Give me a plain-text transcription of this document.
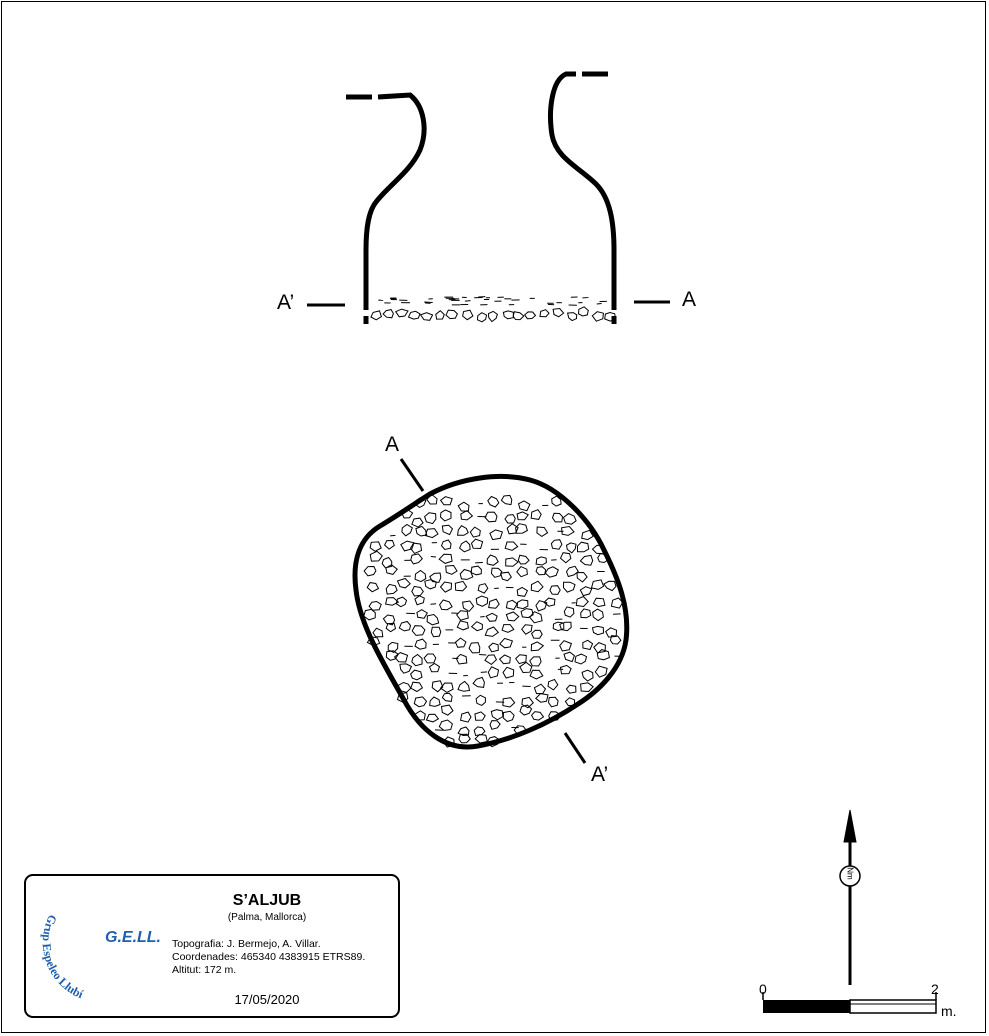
A’	A
A
A’
Nm
0	2
m.
S’ALJUB
(Palma, Mallorca)
Topografia: J. Bermejo, A. Villar.
Coordenades: 465340 4383915 ETRS89.
Altitut: 172 m.
17/05/2020
G.E.LL.
Grup Espeleo Llubí
